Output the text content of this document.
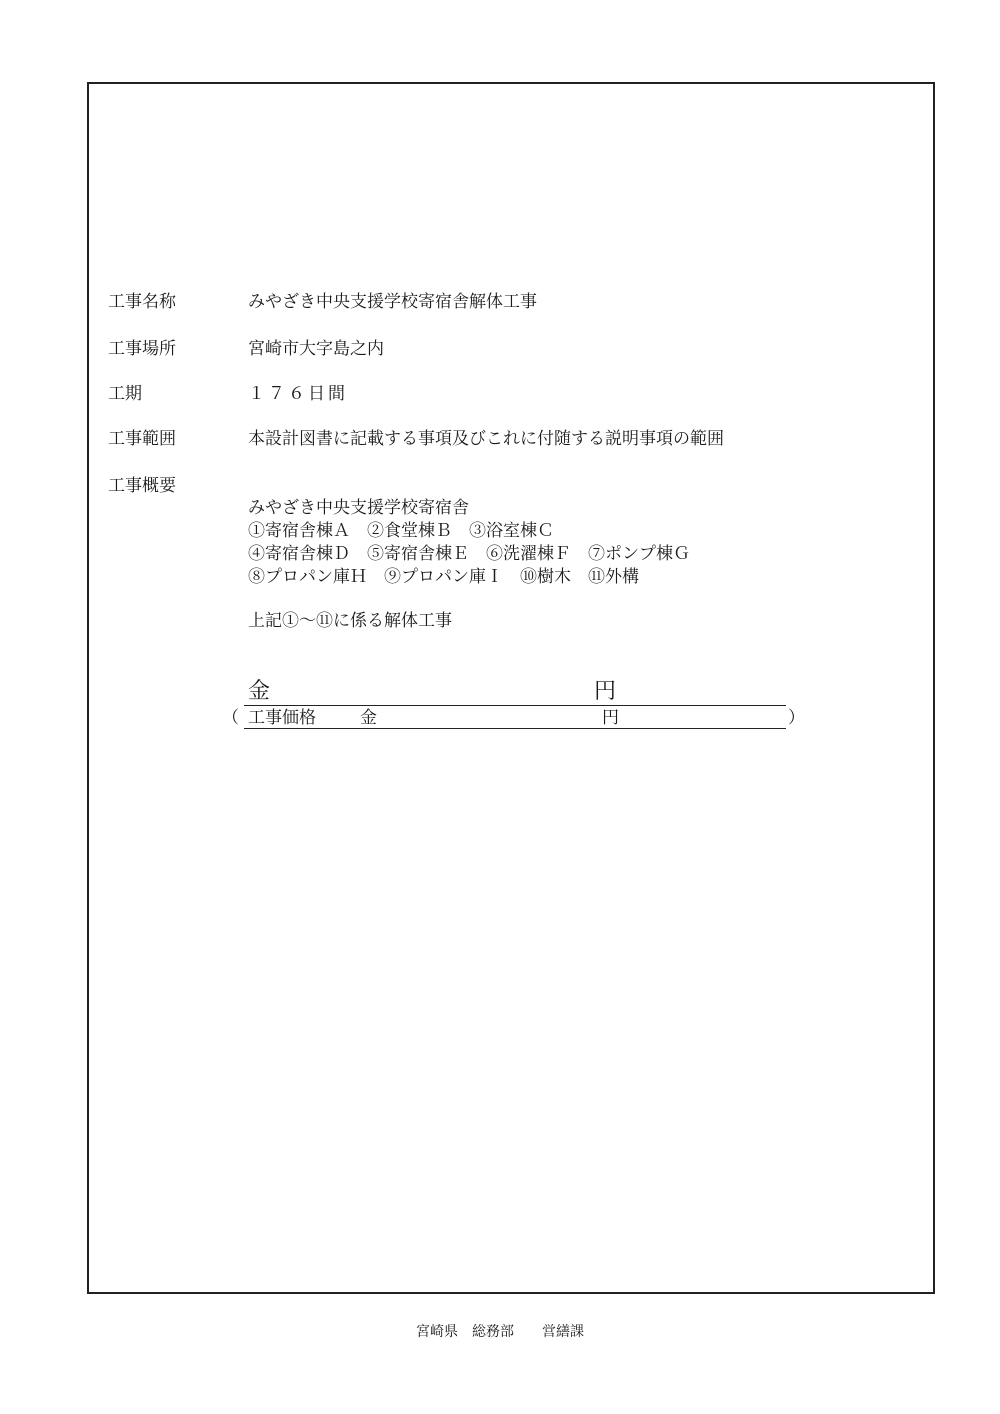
工事名称	みやざき中央支援学校寄宿舎解体工事
工事場所	宮崎市大字島之内
工期	１７６日間
工事範囲	本設計図書に記載する事項及びこれに付随する説明事項の範囲
工事概要
みやざき中央支援学校寄宿舎
①寄宿舎棟Ａ　②食堂棟Ｂ　③浴室棟Ｃ
④寄宿舎棟Ｄ　⑤寄宿舎棟Ｅ　⑥洗濯棟Ｆ　⑦ポンプ棟Ｇ
⑧プロパン庫Ｈ　⑨プロパン庫Ｉ　⑩樹木　⑪外構
上記①～⑪に係る解体工事
金	円
（ 工事価格	金	円	）
宮崎県　総務部　　営繕課
